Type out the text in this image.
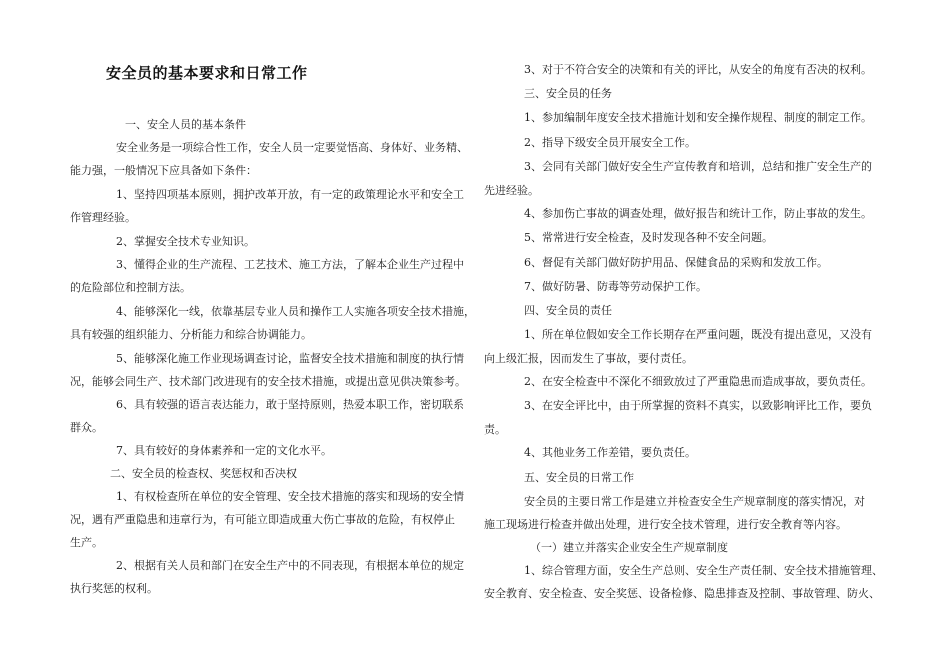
安全员的基本要求和日常工作
一、安全人员的基本条件
安全业务是一项综合性工作，安全人员一定要觉悟高、身体好、业务精、
能力强，一般情况下应具备如下条件：
1、坚持四项基本原则，拥护改革开放，有一定的政策理论水平和安全工
作管理经验。
2、掌握安全技术专业知识。
3、懂得企业的生产流程、工艺技术、施工方法，了解本企业生产过程中
的危险部位和控制方法。
4、能够深化一线，依靠基层专业人员和操作工人实施各项安全技术措施，
具有较强的组织能力、分析能力和综合协调能力。
5、能够深化施工作业现场调查讨论，监督安全技术措施和制度的执行情
况，能够会同生产、技术部门改进现有的安全技术措施，或提出意见供决策参考。
6、具有较强的语言表达能力，敢于坚持原则，热爱本职工作，密切联系
群众。
7、具有较好的身体素养和一定的文化水平。
二、安全员的检查权、奖惩权和否决权
1、有权检查所在单位的安全管理、安全技术措施的落实和现场的安全情
况，遇有严重隐患和违章行为，有可能立即造成重大伤亡事故的危险，有权停止
生产。
2、根据有关人员和部门在安全生产中的不同表现，有根据本单位的规定
执行奖惩的权利。
3、对于不符合安全的决策和有关的评比，从安全的角度有否决的权利。
三、安全员的任务
1、参加编制年度安全技术措施计划和安全操作规程、制度的制定工作。
2、指导下级安全员开展安全工作。
3、会同有关部门做好安全生产宣传教育和培训，总结和推广安全生产的
先进经验。
4、参加伤亡事故的调查处理，做好报告和统计工作，防止事故的发生。
5、常常进行安全检查，及时发现各种不安全问题。
6、督促有关部门做好防护用品、保健食品的采购和发放工作。
7、做好防暑、防毒等劳动保护工作。
四、安全员的责任
1、所在单位假如安全工作长期存在严重问题，既没有提出意见，又没有
向上级汇报，因而发生了事故，要付责任。
2、在安全检查中不深化不细致放过了严重隐患而造成事故，要负责任。
3、在安全评比中，由于所掌握的资料不真实，以致影响评比工作，要负
责。
4、其他业务工作差错，要负责任。
五、安全员的日常工作
安全员的主要日常工作是建立并检查安全生产规章制度的落实情况，对
施工现场进行检查并做出处理，进行安全技术管理，进行安全教育等内容。
（一）建立并落实企业安全生产规章制度
1、综合管理方面，安全生产总则、安全生产责任制、安全技术措施管理、
安全教育、安全检查、安全奖惩、设备检修、隐患排查及控制、事故管理、防火、
